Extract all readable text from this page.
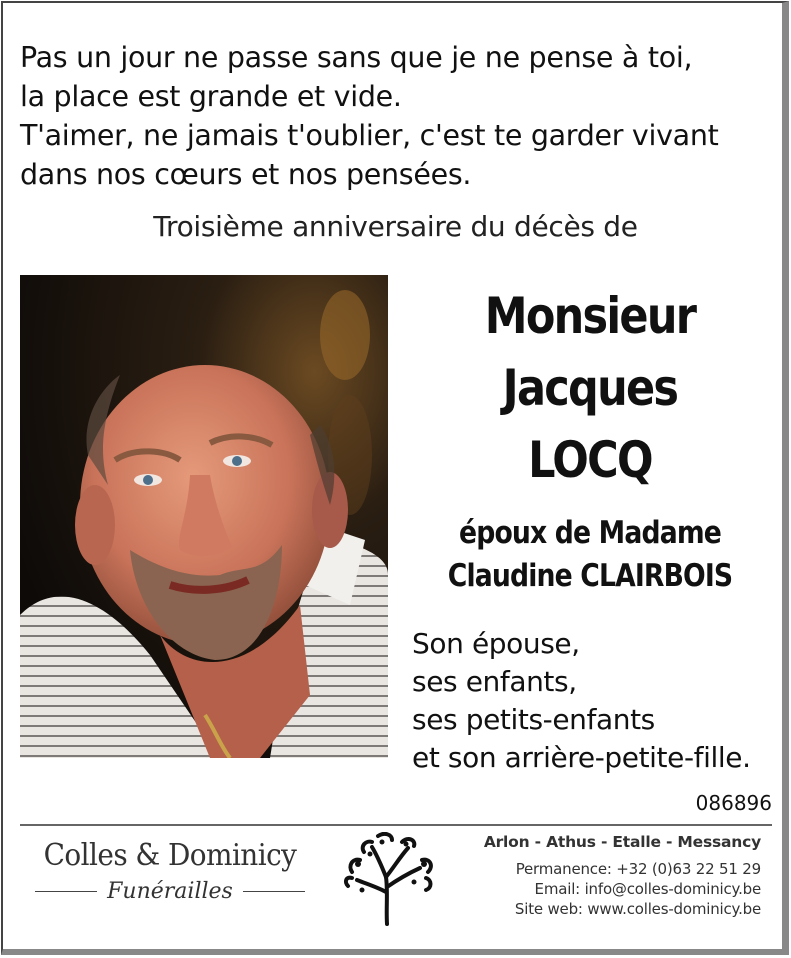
Pas un jour ne passe sans que je ne pense à toi,
la place est grande et vide.
T'aimer, ne jamais t'oublier, c'est te garder vivant
dans nos cœurs et nos pensées.
Troisième anniversaire du décès de
Monsieur
Jacques
LOCQ
époux de Madame
Claudine CLAIRBOIS
Son épouse,
ses enfants,
ses petits-enfants
et son arrière-petite-fille.
086896
Colles & Dominicy
Funérailles
Arlon - Athus - Etalle - Messancy
Permanence: +32 (0)63 22 51 29
Email: info@colles-dominicy.be
Site web: www.colles-dominicy.be
